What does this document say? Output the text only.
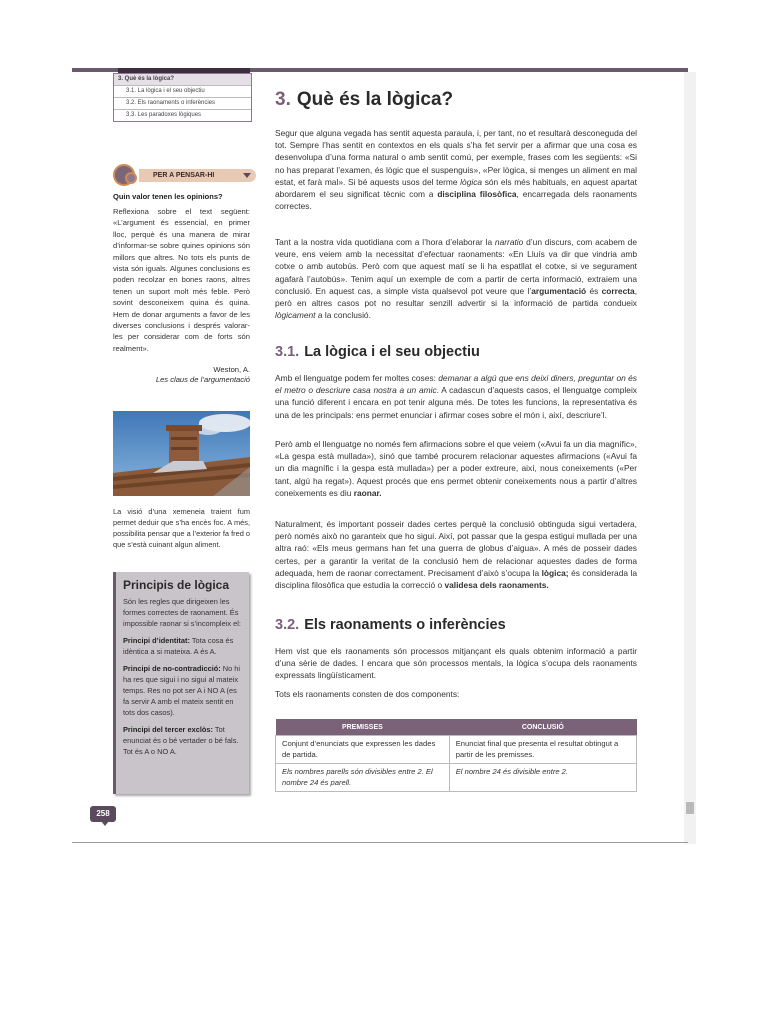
3. Què és la lògica?
3.1. La lògica i el seu objectiu
3.2. Els raonaments o inferències
3.3. Les paradoxes lògiques
PER A PENSAR-HI
Quin valor tenen les opinions?
Reflexiona sobre el text següent: «L’argument és essencial, en primer lloc, perquè és una manera de mirar d’informar-se sobre quines opinions són millors que altres. No tots els punts de vista són iguals. Algunes conclusions es poden recolzar en bones raons, altres tenen un suport molt més feble. Però sovint desconeixem quina és quina. Hem de donar arguments a favor de les diverses conclusions i després valorar-les per considerar com de forts són realment».
Weston, A.
Les claus de l’argumentació
La visió d’una xemeneia traient fum permet deduir que s’ha encès foc. A més, possibilita pensar que a l’exterior fa fred o que s’està cuinant algun aliment.
Principis de lògica
Són les regles que dirigeixen les formes correctes de raonament. És impossible raonar si s’incompleix el:
Principi d’identitat: Tota cosa és idèntica a si mateixa. A és A.
Principi de no-contradicció: No hi ha res que sigui i no sigui al mateix temps. Res no pot ser A i NO A (es fa servir A amb el mateix sentit en tots dos casos).
Principi del tercer exclòs: Tot enunciat és o bé vertader o bé fals. Tot és A o NO A.
258
3. Què és la lògica?
Segur que alguna vegada has sentit aquesta paraula, i, per tant, no et resultarà desconeguda del tot. Sempre l’has sentit en contextos en els quals s’ha fet servir per a afirmar que una cosa es desenvolupa d’una forma natural o amb sentit comú, per exemple, frases com les següents: «Si no has preparat l’examen, és lògic que el suspenguis», «Per lògica, si menges un aliment en mal estat, et farà mal». Si bé aquests usos del terme lògica són els més habituals, en aquest apartat abordarem el seu significat tècnic com a disciplina filosòfica, encarregada dels raonaments correctes.
Tant a la nostra vida quotidiana com a l’hora d’elaborar la narratio d’un discurs, com acabem de veure, ens veiem amb la necessitat d’efectuar raonaments: «En Lluís va dir que vindria amb cotxe o amb autobús. Però com que aquest matí se li ha espatllat el cotxe, si ve segurament agafarà l’autobús». Tenim aquí un exemple de com a partir de certa informació, extraiem una conclusió. En aquest cas, a simple vista qualsevol pot veure que l’argumentació és correcta, però en altres casos pot no resultar senzill advertir si la informació de partida condueix lògicament a la conclusió.
3.1. La lògica i el seu objectiu
Amb el llenguatge podem fer moltes coses: demanar a algú que ens deixi diners, preguntar on és el metro o descriure casa nostra a un amic. A cadascun d’aquests casos, el llenguatge compleix una funció diferent i encara en pot tenir alguna més. De totes les funcions, la representativa és una de les principals: ens permet enunciar i afirmar coses sobre el món i, així, descriure’l.
Però amb el llenguatge no només fem afirmacions sobre el que veiem («Avui fa un dia magnífic», «La gespa està mullada»), sinó que també procurem relacionar aquestes afirmacions («Avui fa un dia magnífic i la gespa està mullada») per a poder extreure, així, nous coneixements («Per tant, algú ha regat»). Aquest procés que ens permet obtenir coneixements nous a partir d’altres coneixements es diu raonar.
Naturalment, és important posseir dades certes perquè la conclusió obtinguda sigui vertadera, però només això no garanteix que ho sigui. Així, pot passar que la gespa estigui mullada per una altra raó: «Els meus germans han fet una guerra de globus d’aigua». A més de posseir dades certes, per a garantir la veritat de la conclusió hem de relacionar aquestes dades de forma adequada, hem de raonar correctament. Precisament d’això s’ocupa la lògica; és considerada la disciplina filosòfica que estudia la correcció o validesa dels raonaments.
3.2. Els raonaments o inferències
Hem vist que els raonaments són processos mitjançant els quals obtenim informació a partir d’una sèrie de dades. I encara que són processos mentals, la lògica s’ocupa dels raonaments expressats lingüísticament.
Tots els raonaments consten de dos components:
PREMISSES	CONCLUSIÓ
Conjunt d’enunciats que expressen les dades de partida.	Enunciat final que presenta el resultat obtingut a partir de les premisses.
Els nombres parells són divisibles entre 2. El nombre 24 és parell.	El nombre 24 és divisible entre 2.
